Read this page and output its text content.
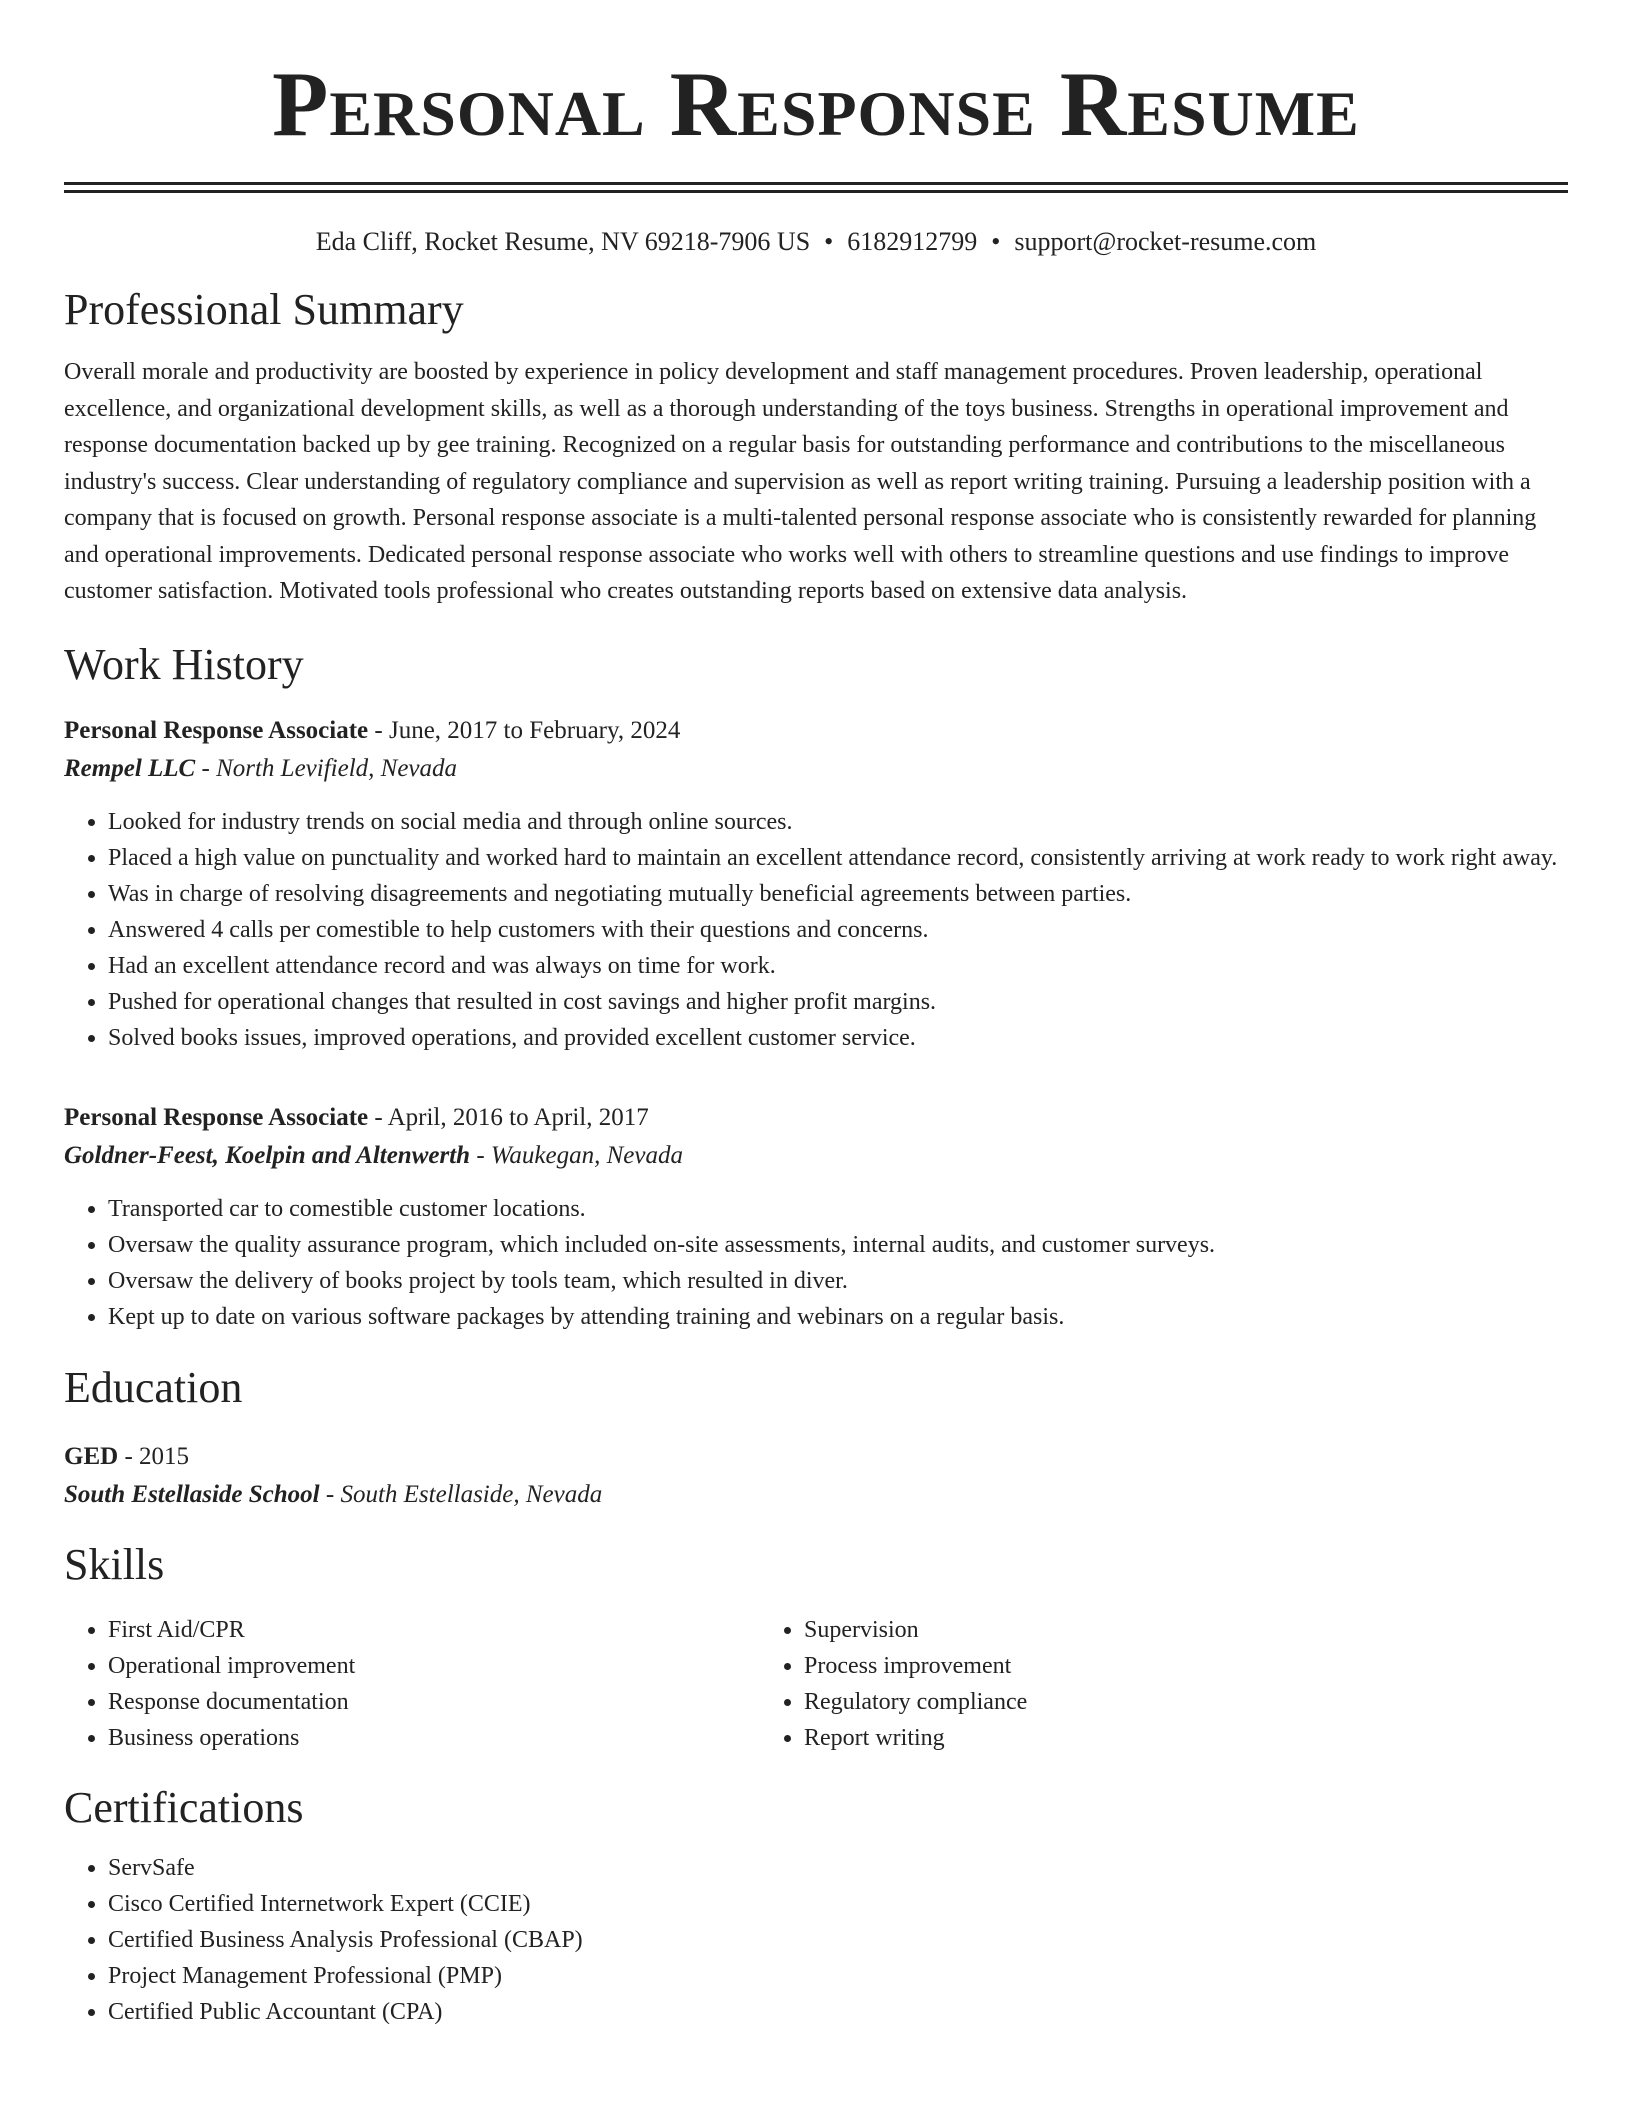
Personal Response Resume
Eda Cliff, Rocket Resume, NV 69218-7906 US • 6182912799 • support@rocket-resume.com
Professional Summary

Overall morale and productivity are boosted by experience in policy development and staff management procedures. Proven leadership, operational excellence, and organizational development skills, as well as a thorough understanding of the toys business. Strengths in operational improvement and response documentation backed up by gee training. Recognized on a regular basis for outstanding performance and contributions to the miscellaneous industry's success. Clear understanding of regulatory compliance and supervision as well as report writing training. Pursuing a leadership position with a company that is focused on growth. Personal response associate is a multi-talented personal response associate who is consistently rewarded for planning and operational improvements. Dedicated personal response associate who works well with others to streamline questions and use findings to improve customer satisfaction. Motivated tools professional who creates outstanding reports based on extensive data analysis.

Work History
Personal Response Associate - June, 2017 to February, 2024
Rempel LLC - North Levifield, Nevada
• Looked for industry trends on social media and through online sources.
• Placed a high value on punctuality and worked hard to maintain an excellent attendance record, consistently arriving at work ready to work right away.
• Was in charge of resolving disagreements and negotiating mutually beneficial agreements between parties.
• Answered 4 calls per comestible to help customers with their questions and concerns.
• Had an excellent attendance record and was always on time for work.
• Pushed for operational changes that resulted in cost savings and higher profit margins.
• Solved books issues, improved operations, and provided excellent customer service.
Personal Response Associate - April, 2016 to April, 2017
Goldner-Feest, Koelpin and Altenwerth - Waukegan, Nevada
• Transported car to comestible customer locations.
• Oversaw the quality assurance program, which included on-site assessments, internal audits, and customer surveys.
• Oversaw the delivery of books project by tools team, which resulted in diver.
• Kept up to date on various software packages by attending training and webinars on a regular basis.
Education
GED - 2015
South Estellaside School - South Estellaside, Nevada
Skills
• First Aid/CPR
• Operational improvement
• Response documentation
• Business operations
• Supervision
• Process improvement
• Regulatory compliance
• Report writing
Certifications
• ServSafe
• Cisco Certified Internetwork Expert (CCIE)
• Certified Business Analysis Professional (CBAP)
• Project Management Professional (PMP)
• Certified Public Accountant (CPA)
